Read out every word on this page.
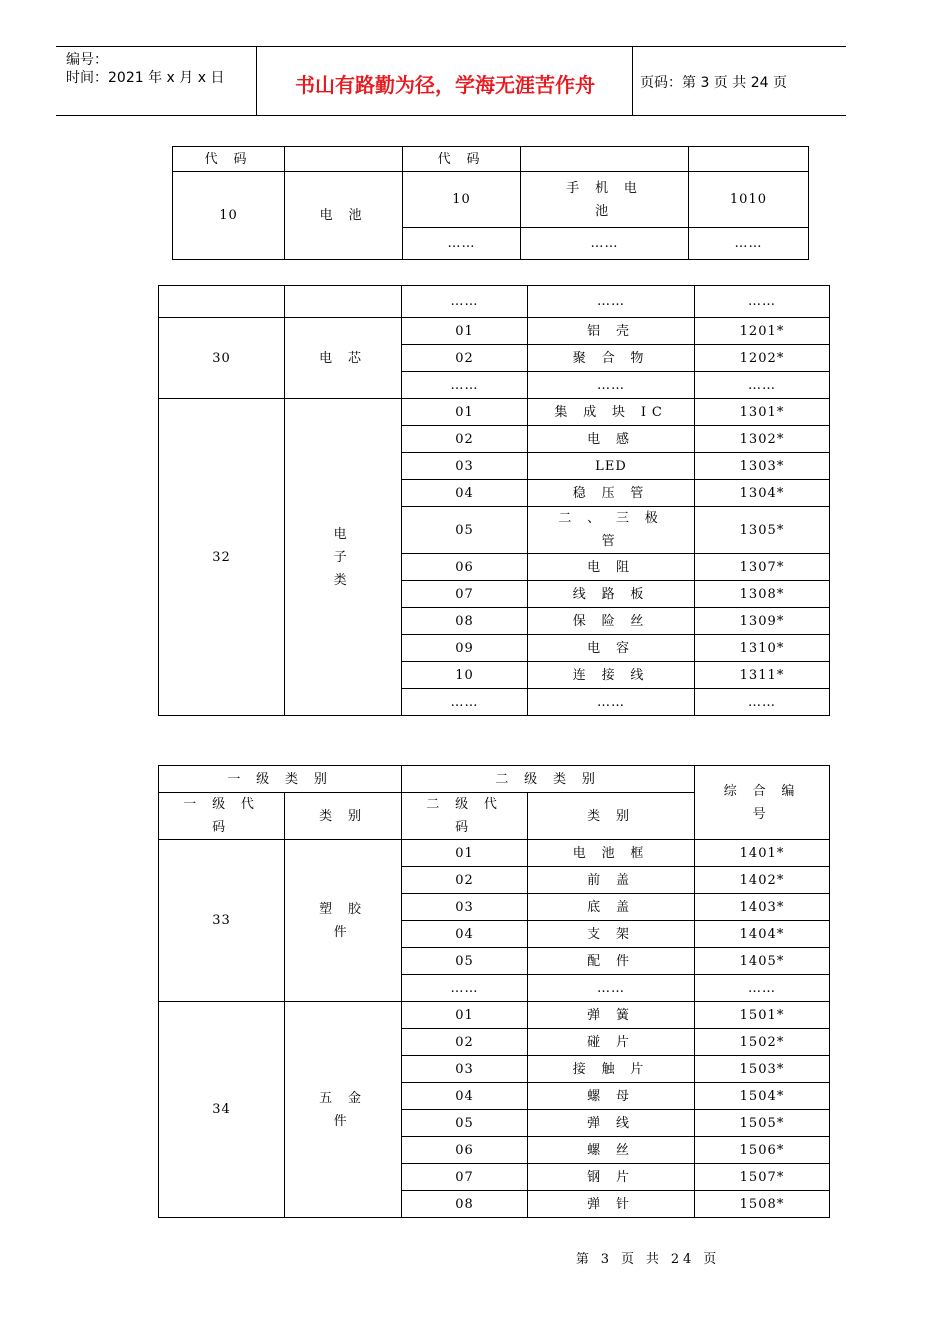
编号：
时间：2021 年 x 月 x 日	书山有路勤为径，学海无涯苦作舟	页码：第 3 页 共 24 页
代 码		代 码		
10	电 池	10	手 机 电 池	1010
		……	……	……
		……	……	……
30	电 芯	01	铝 壳	1201*
		02	聚 合 物	1202*
		……	……	……
32	电 子 类	01	集 成 块 IC	1301*
		02	电 感	1302*
		03	LED	1303*
		04	稳 压 管	1304*
		05	二 、 三 极 管	1305*
		06	电 阻	1307*
		07	线 路 板	1308*
		08	保 险 丝	1309*
		09	电 容	1310*
		10	连 接 线	1311*
		……	……	……
一 级 类 别		二 级 类 别		综 合 编 号
一 级 代 码	类 别	二 级 代 码	类 别	
33	塑 胶 件	01	电 池 框	1401*
		02	前 盖	1402*
		03	底 盖	1403*
		04	支 架	1404*
		05	配 件	1405*
		……	……	……
34	五 金 件	01	弹 簧	1501*
		02	碰 片	1502*
		03	接 触 片	1503*
		04	螺 母	1504*
		05	弹 线	1505*
		06	螺 丝	1506*
		07	钢 片	1507*
		08	弹 针	1508*
第 3 页 共 24 页
